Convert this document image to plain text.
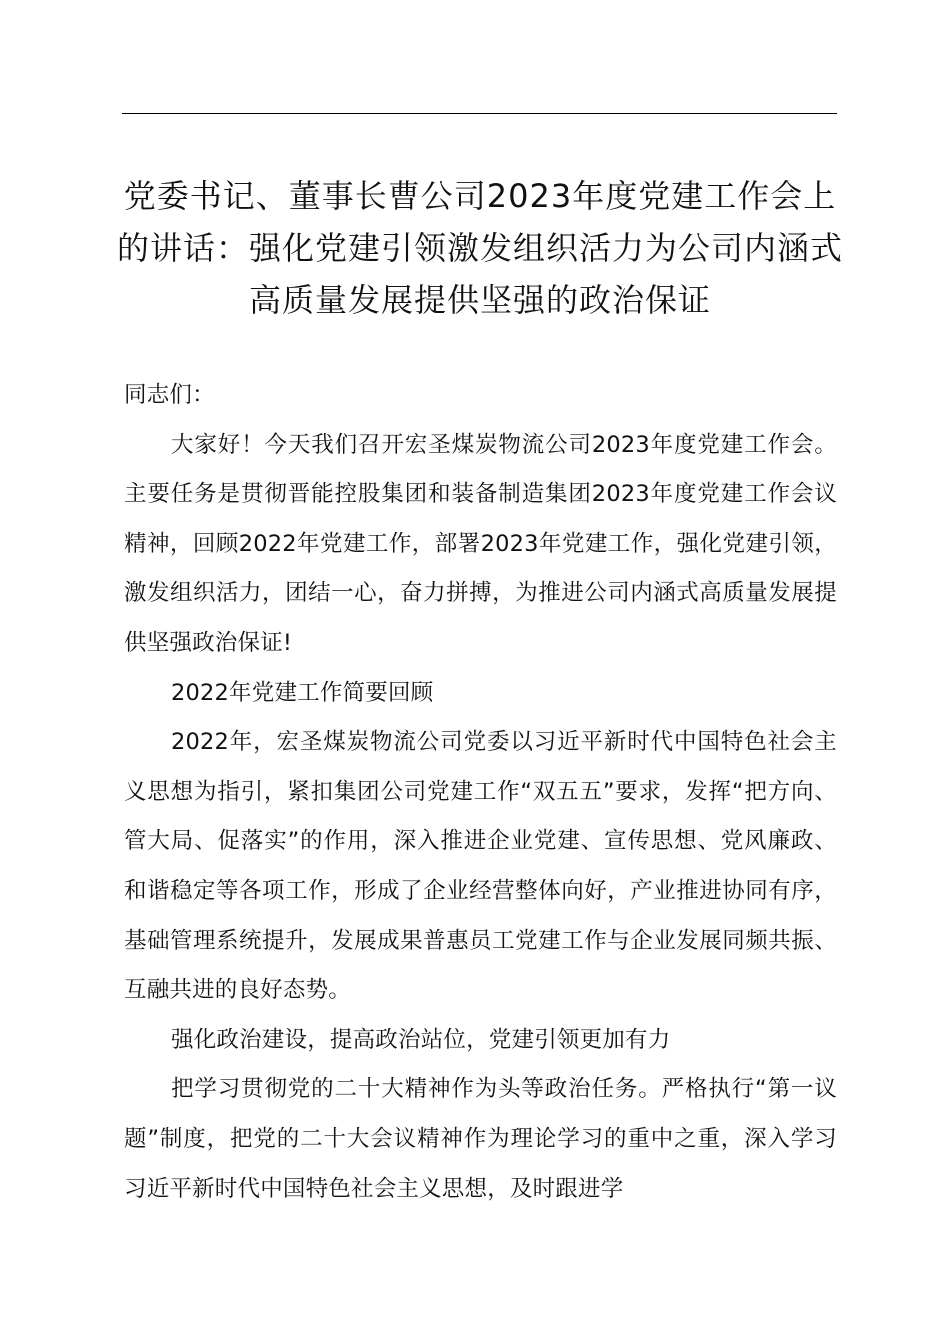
党委书记、董事长曹公司2023年度党建工作会上的讲话：强化党建引领激发组织活力为公司内涵式高质量发展提供坚强的政治保证

同志们：

大家好！今天我们召开宏圣煤炭物流公司2023年度党建工作会。主要任务是贯彻晋能控股集团和装备制造集团2023年度党建工作会议精神，回顾2022年党建工作，部署2023年党建工作，强化党建引领，激发组织活力，团结一心，奋力拼搏，为推进公司内涵式高质量发展提供坚强政治保证!

2022年党建工作简要回顾

2022年，宏圣煤炭物流公司党委以习近平新时代中国特色社会主义思想为指引，紧扣集团公司党建工作“双五五”要求，发挥“把方向、管大局、促落实”的作用，深入推进企业党建、宣传思想、党风廉政、和谐稳定等各项工作，形成了企业经营整体向好，产业推进协同有序，基础管理系统提升，发展成果普惠员工党建工作与企业发展同频共振、互融共进的良好态势。

强化政治建设，提高政治站位，党建引领更加有力

把学习贯彻党的二十大精神作为头等政治任务。严格执行“第一议题”制度，把党的二十大会议精神作为理论学习的重中之重，深入学习习近平新时代中国特色社会主义思想，及时跟进学
